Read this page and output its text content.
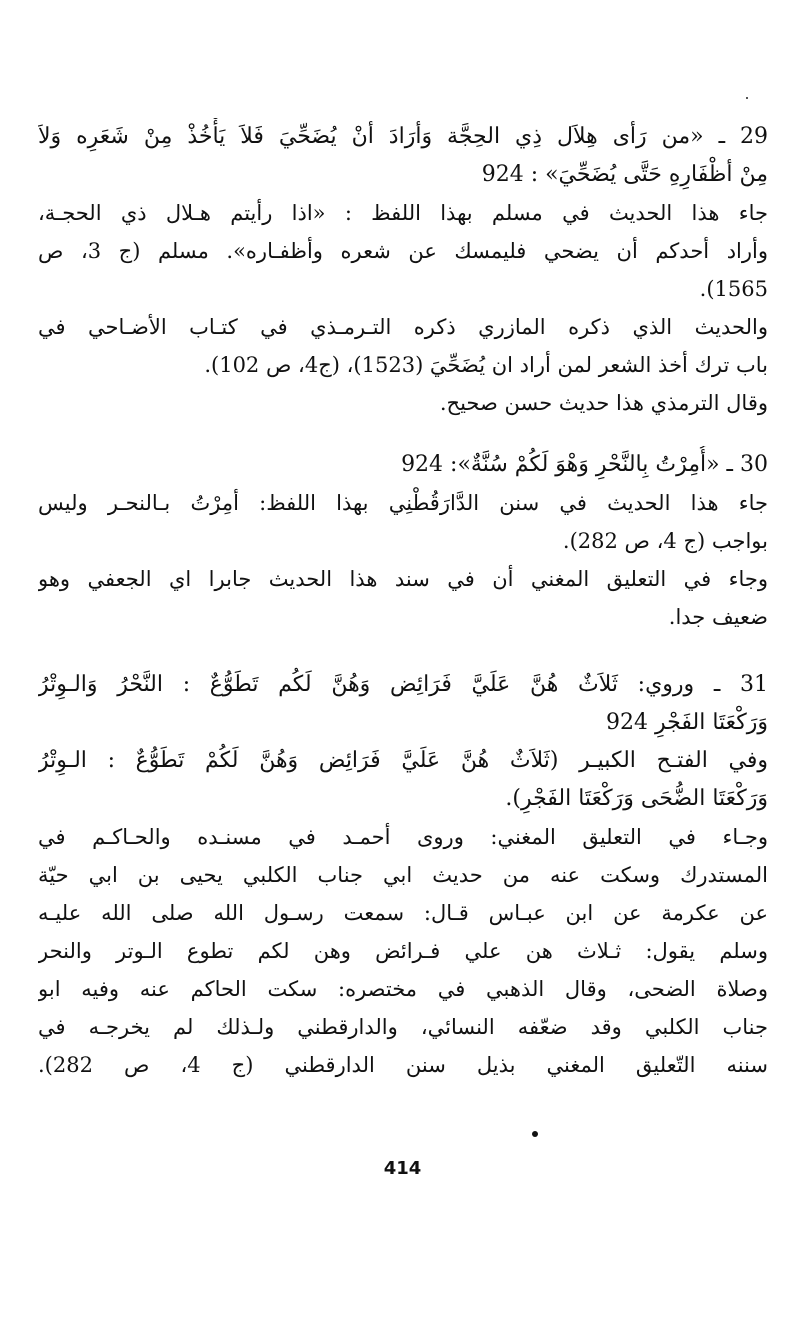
29 ـ «من رَأى هِلاَل ذِي الحِجَّة وَأرَادَ أنْ يُضَحِّيَ فَلاَ يَأْخُذْ مِنْ شَعَرِه وَلاَ
مِنْ أظْفَارِهِ حَتَّى يُضَحِّيَ» : 924
جاء هذا الحديث في مسلم بهذا اللفظ : «اذا رأيتم هـلال ذي الحجـة،
وأراد أحدكم أن يضحي فليمسك عن شعره وأظفـاره». مسلم (ج 3، ص
1565).
والحديث الذي ذكره المازري ذكره التـرمـذي في كتـاب الأضـاحي في
باب ترك أخذ الشعر لمن أراد ان يُضَحِّيَ (1523)، (ج4، ص 102).
وقال الترمذي هذا حديث حسن صحيح.
30 ـ «أُمِرْتُ بِالنَّحْرِ وَهْوَ لَكُمْ سُنَّةٌ»: 924
جاء هذا الحديث في سنن الدَّارَقُطْنِي بهذا اللفظ: أمِرْتُ بـالنحـر وليس
بواجب (ج 4، ص 282).
وجاء في التعليق المغني أن في سند هذا الحديث جابرا اي الجعفي وهو
ضعيف جدا.
31 ـ وروي: ثَلاَثٌ هُنَّ عَلَيَّ فَرَائِض وَهُنَّ لَكُم تَطَوُّعٌ : النَّحْرُ وَالـوِتْرُ
وَرَكْعَتَا الفَجْرِ 924
وفي الفتـح الكبيـر (ثَلاَثٌ هُنَّ عَلَيَّ فَرَائِض وَهُنَّ لَكُمْ تَطَوُّعٌ : الـوِتْرُ
وَرَكْعَتَا الضُّحَى وَرَكْعَتَا الفَجْرِ).
وجـاء في التعليق المغني: وروى أحمـد في مسنـده والحـاكـم في
المستدرك وسكت عنه من حديث ابي جناب الكلبي يحيى بن ابي حيّة
عن عكرمة عن ابن عبـاس قـال: سمعت رسـول الله صلى الله عليـه
وسلم يقول: ثـلاث هن علي فـرائض وهن لكم تطوع الـوتر والنحر
وصلاة الضحى، وقال الذهبي في مختصره: سكت الحاكم عنه وفيه ابو
جناب الكلبي وقد ضعّفه النسائي، والدارقطني ولـذلك لم يخرجـه في
سننه التّعليق المغني بذيل سنن الدارقطني (ج 4، ص 282).
414
